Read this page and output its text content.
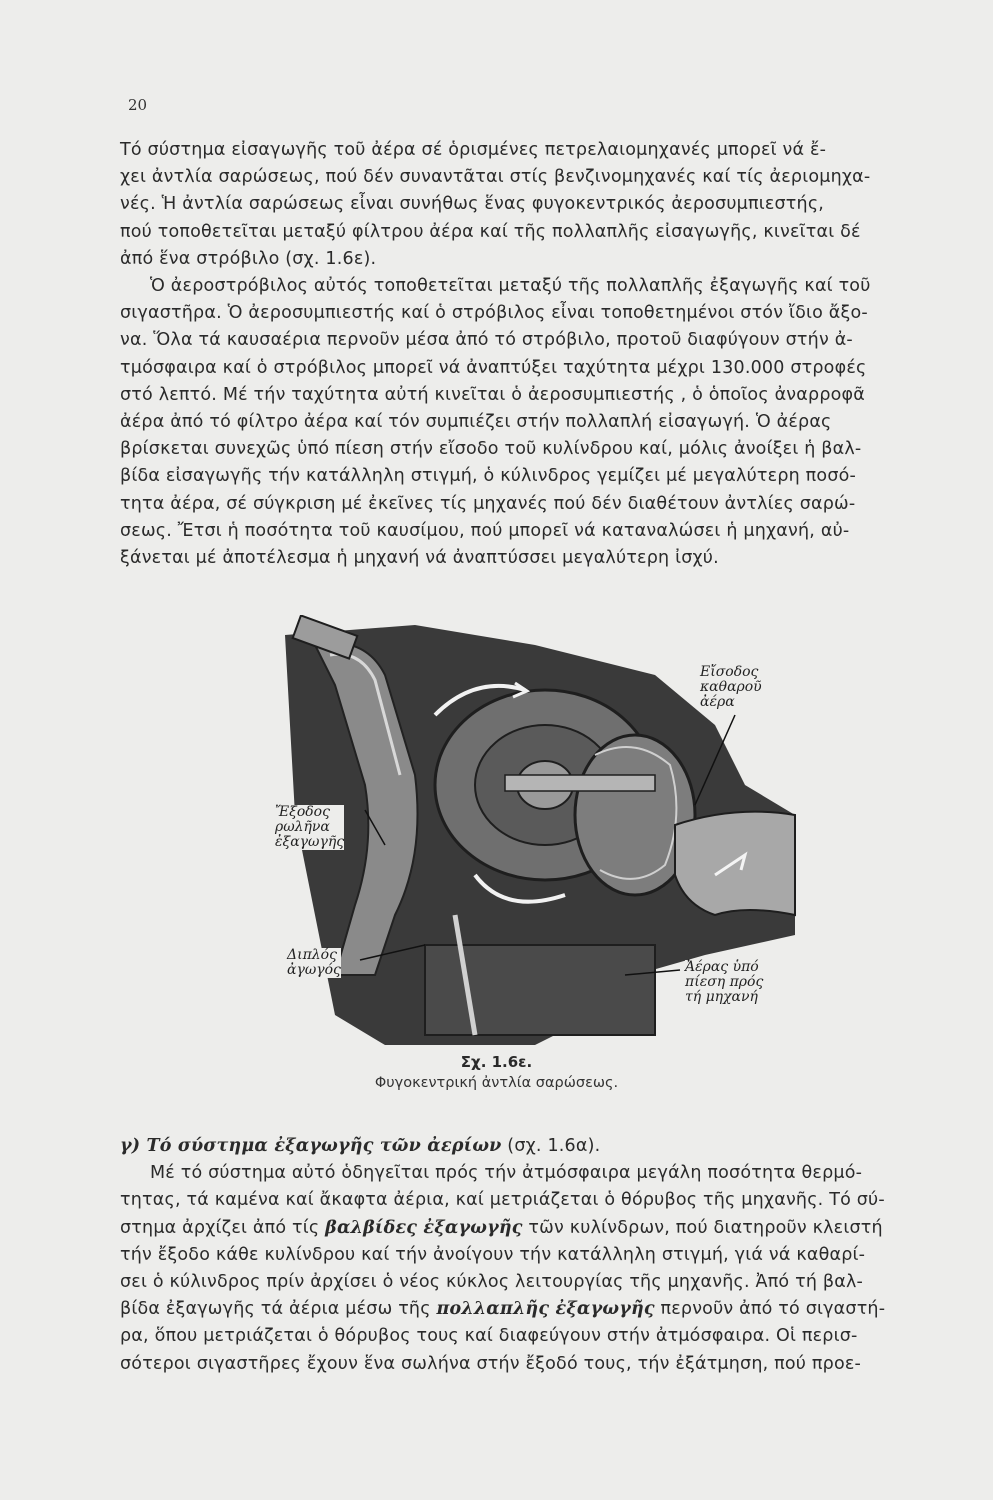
20
Τό σύστημα εἰσαγωγῆς τοῦ ἀέρα σέ ὁρισμένες πετρελαιομηχανές μπορεῖ νά ἔ-
χει ἀντλία σαρώσεως, πού δέν συναντᾶται στίς βενζινομηχανές καί τίς ἀεριομηχα-
νές. Ἡ ἀντλία σαρώσεως εἶναι συνήθως ἕνας φυγοκεντρικός ἀεροσυμπιεστής,
πού τοποθετεῖται μεταξύ φίλτρου ἀέρα καί τῆς πολλαπλῆς εἰσαγωγῆς, κινεῖται δέ
ἀπό ἕνα στρόβιλο (σχ. 1.6ε).
Ὁ ἀεροστρόβιλος αὐτός τοποθετεῖται μεταξύ τῆς πολλαπλῆς ἐξαγωγῆς καί τοῦ
σιγαστῆρα. Ὁ ἀεροσυμπιεστής καί ὁ στρόβιλος εἶναι τοποθετημένοι στόν ἴδιο ἄξο-
να. Ὅλα τά καυσαέρια περνοῦν μέσα ἀπό τό στρόβιλο, προτοῦ διαφύγουν στήν ἀ-
τμόσφαιρα καί ὁ στρόβιλος μπορεῖ νά ἀναπτύξει ταχύτητα μέχρι 130.000 στροφές
στό λεπτό. Μέ τήν ταχύτητα αὐτή κινεῖται ὁ ἀεροσυμπιεστής , ὁ ὁποῖος ἀναρροφᾶ
ἀέρα ἀπό τό φίλτρο ἀέρα καί τόν συμπιέζει στήν πολλαπλή εἰσαγωγή. Ὁ ἀέρας
βρίσκεται συνεχῶς ὑπό πίεση στήν εἴσοδο τοῦ κυλίνδρου καί, μόλις ἀνοίξει ἡ βαλ-
βίδα εἰσαγωγῆς τήν κατάλληλη στιγμή, ὁ κύλινδρος γεμίζει μέ μεγαλύτερη ποσό-
τητα ἀέρα, σέ σύγκριση μέ ἐκεῖνες τίς μηχανές πού δέν διαθέτουν ἀντλίες σαρώ-
σεως. Ἔτσι ἡ ποσότητα τοῦ καυσίμου, πού μπορεῖ νά καταναλώσει ἡ μηχανή, αὐ-
ξάνεται μέ ἀποτέλεσμα ἡ μηχανή νά ἀναπτύσσει μεγαλύτερη ἰσχύ.
Εἴσοδος
καθαροῦ
ἀέρα
Ἔξοδος
ρωλῆνα
ἐξαγωγῆς
Διπλός
ἀγωγός	Ἀέρας ὑπό
πίεση πρός
τή μηχανή
Σχ. 1.6ε.
Φυγοκεντρική ἀντλία σαρώσεως.
γ) Τό σύστημα ἐξαγωγῆς τῶν ἀερίων (σχ. 1.6α).
Μέ τό σύστημα αὐτό ὁδηγεῖται πρός τήν ἀτμόσφαιρα μεγάλη ποσότητα θερμό-
τητας, τά καμένα καί ἄκαφτα ἀέρια, καί μετριάζεται ὁ θόρυβος τῆς μηχανῆς. Τό σύ-
στημα ἀρχίζει ἀπό τίς βαλβίδες ἐξαγωγῆς τῶν κυλίνδρων, πού διατηροῦν κλειστή
τήν ἔξοδο κάθε κυλίνδρου καί τήν ἀνοίγουν τήν κατάλληλη στιγμή, γιά νά καθαρί-
σει ὁ κύλινδρος πρίν ἀρχίσει ὁ νέος κύκλος λειτουργίας τῆς μηχανῆς. Ἀπό τή βαλ-
βίδα ἐξαγωγῆς τά ἀέρια μέσω τῆς πολλαπλῆς ἐξαγωγῆς περνοῦν ἀπό τό σιγαστή-
ρα, ὅπου μετριάζεται ὁ θόρυβος τους καί διαφεύγουν στήν ἀτμόσφαιρα. Οἱ περισ-
σότεροι σιγαστῆρες ἔχουν ἕνα σωλήνα στήν ἔξοδό τους, τήν ἐξάτμηση, πού προε-
